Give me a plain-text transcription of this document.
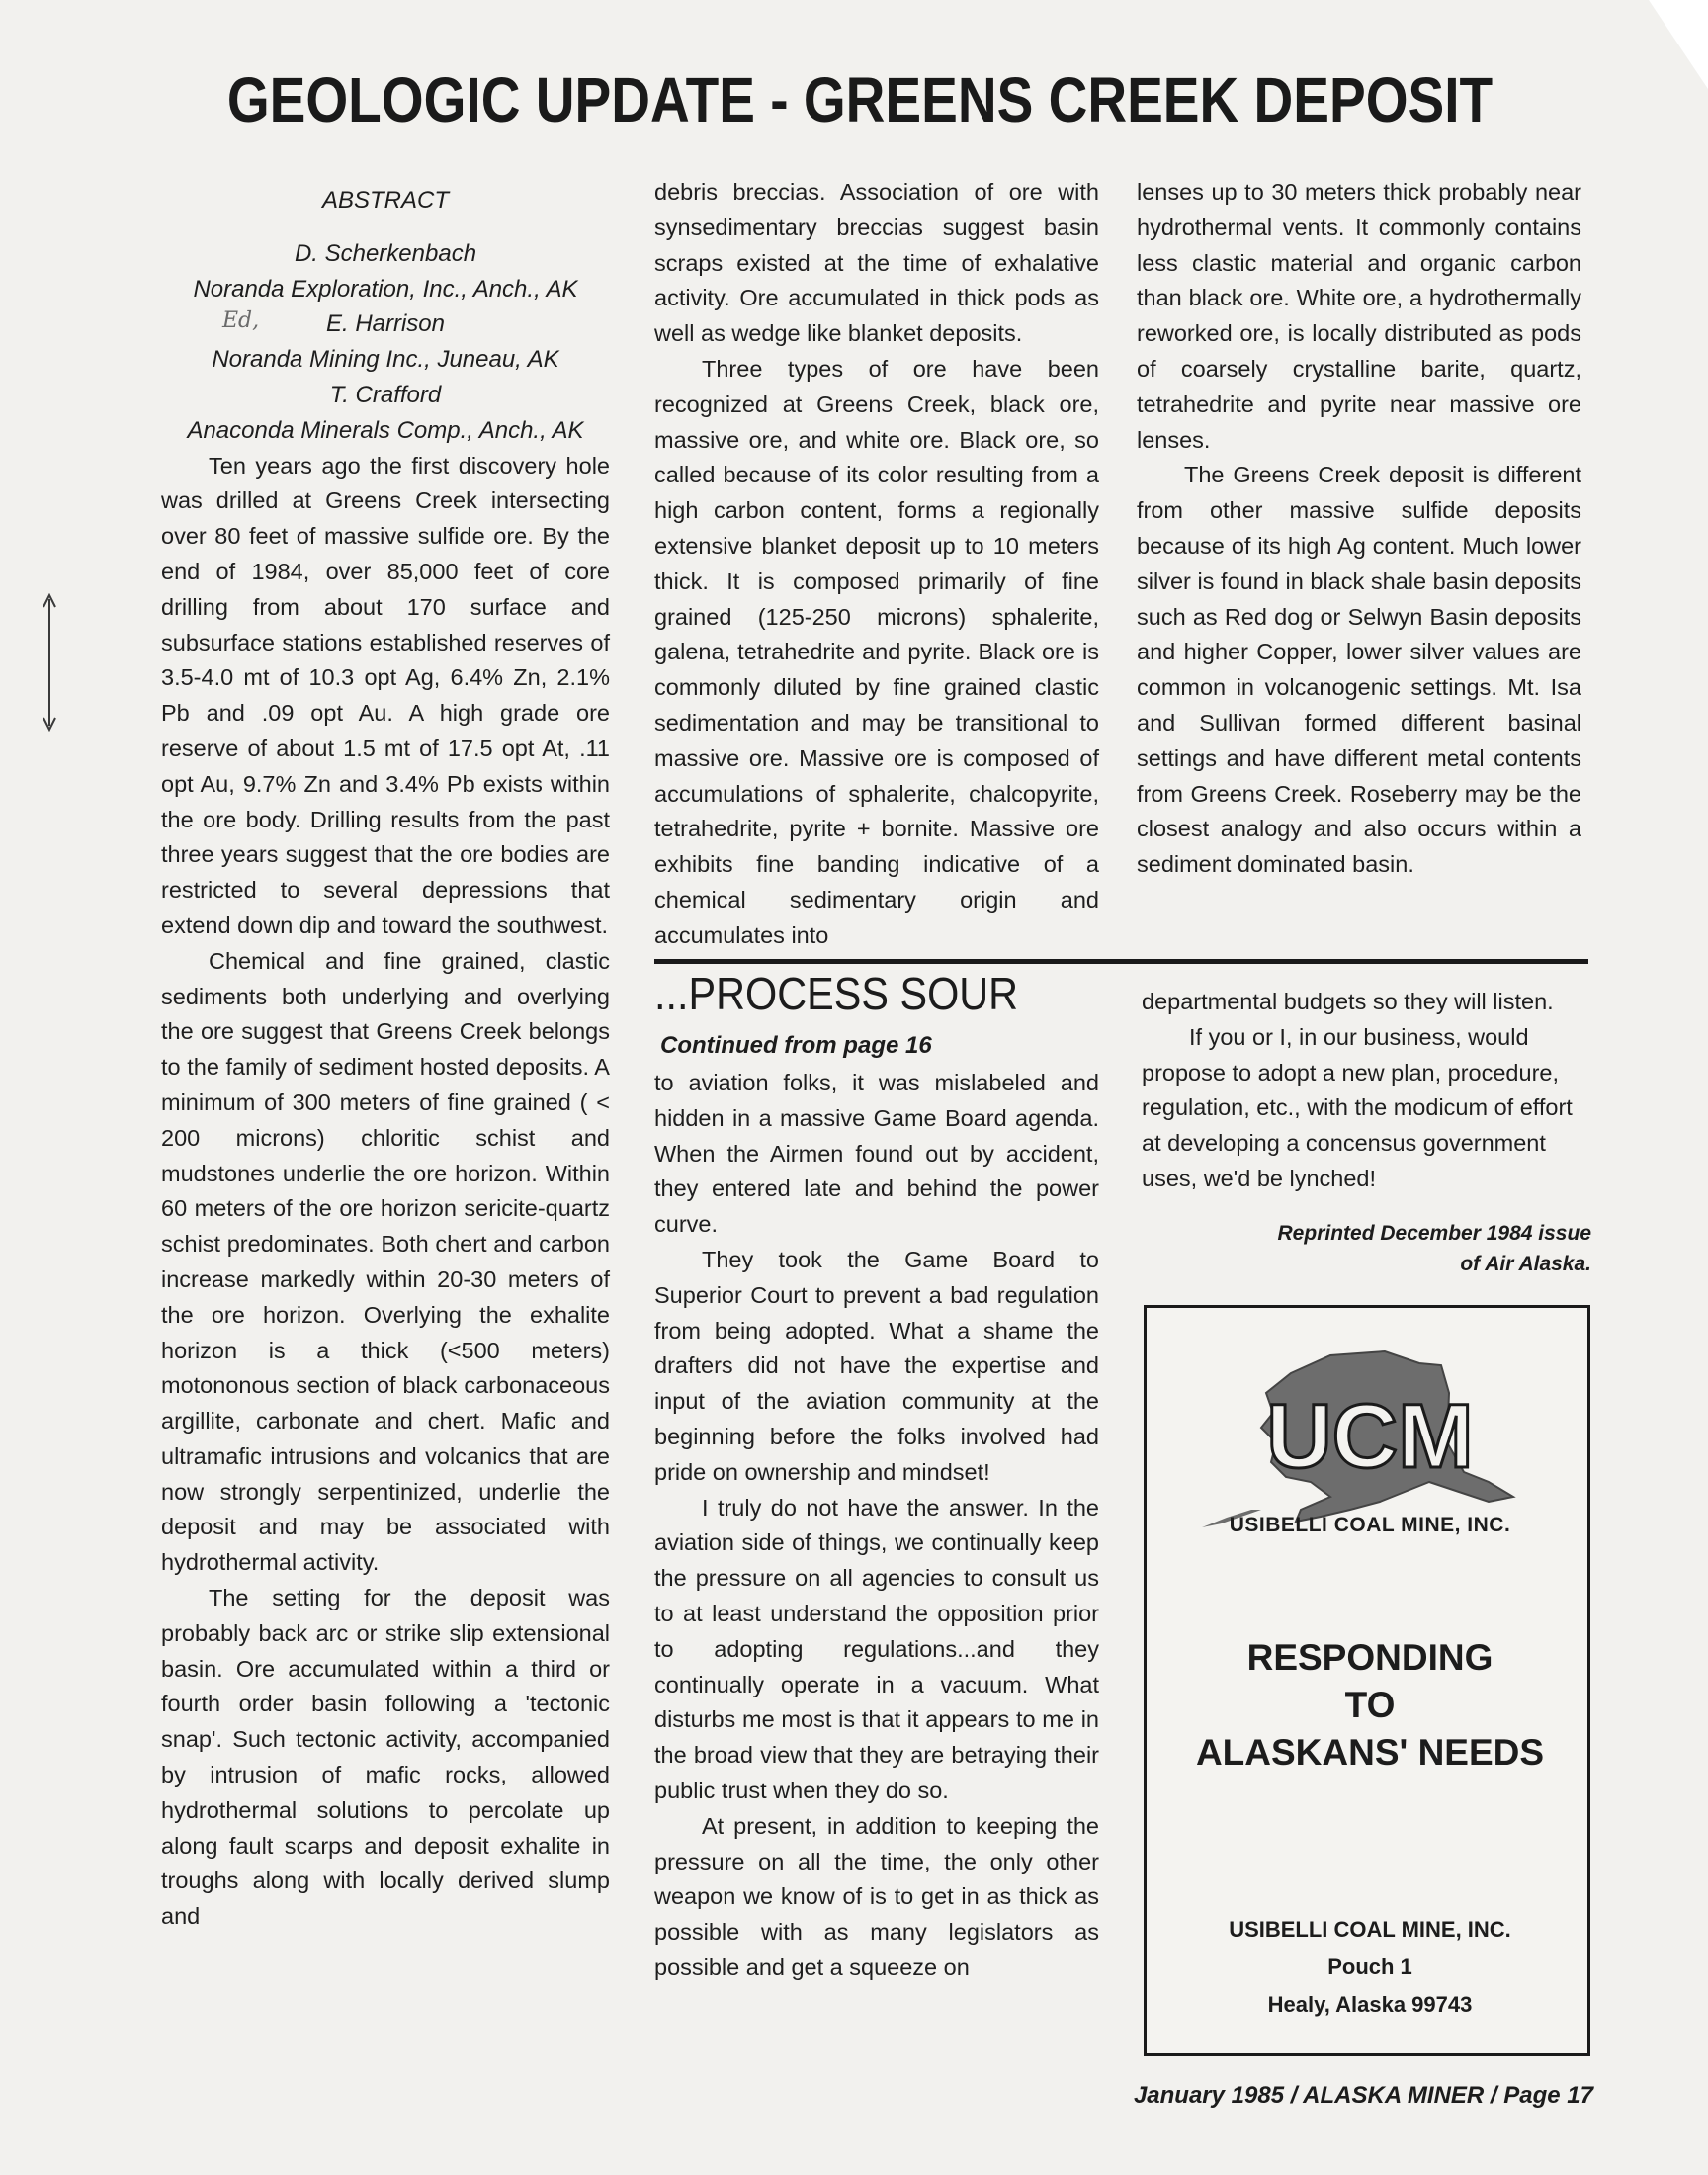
GEOLOGIC UPDATE - GREENS CREEK DEPOSIT
ABSTRACT
D. Scherkenbach
Noranda Exploration, Inc., Anch., AK
E. Harrison
Noranda Mining Inc., Juneau, AK
T. Crafford
Anaconda Minerals Comp., Anch., AK

Ten years ago the first discovery hole was drilled at Greens Creek intersecting over 80 feet of massive sulfide ore. By the end of 1984, over 85,000 feet of core drilling from about 170 surface and subsurface stations established reserves of 3.5-4.0 mt of 10.3 opt Ag, 6.4% Zn, 2.1% Pb and .09 opt Au. A high grade ore reserve of about 1.5 mt of 17.5 opt At, .11 opt Au, 9.7% Zn and 3.4% Pb exists within the ore body. Drilling results from the past three years suggest that the ore bodies are restricted to several depressions that extend down dip and toward the southwest.

Chemical and fine grained, clastic sediments both underlying and overlying the ore suggest that Greens Creek belongs to the family of sediment hosted deposits. A minimum of 300 meters of fine grained ( < 200 microns) chloritic schist and mudstones underlie the ore horizon. Within 60 meters of the ore horizon sericite-quartz schist predominates. Both chert and carbon increase markedly within 20-30 meters of the ore horizon. Overlying the exhalite horizon is a thick (<500 meters) motononous section of black carbonaceous argillite, carbonate and chert. Mafic and ultramafic intrusions and volcanics that are now strongly serpentinized, underlie the deposit and may be associated with hydrothermal activity.

The setting for the deposit was probably back arc or strike slip extensional basin. Ore accumulated within a third or fourth order basin following a 'tectonic snap'. Such tectonic activity, accompanied by intrusion of mafic rocks, allowed hydrothermal solutions to percolate up along fault scarps and deposit exhalite in troughs along with locally derived slump and

Ed,

debris breccias. Association of ore with synsedimentary breccias suggest basin scraps existed at the time of exhalative activity. Ore accumulated in thick pods as well as wedge like blanket deposits.

Three types of ore have been recognized at Greens Creek, black ore, massive ore, and white ore. Black ore, so called because of its color resulting from a high carbon content, forms a regionally extensive blanket deposit up to 10 meters thick. It is composed primarily of fine grained (125-250 microns) sphalerite, galena, tetrahedrite and pyrite. Black ore is commonly diluted by fine grained clastic sedimentation and may be transitional to massive ore. Massive ore is composed of accumulations of sphalerite, chalcopyrite, tetrahedrite, pyrite + bornite. Massive ore exhibits fine banding indicative of a chemical sedimentary origin and accumulates into

lenses up to 30 meters thick probably near hydrothermal vents. It commonly contains less clastic material and organic carbon than black ore. White ore, a hydrothermally reworked ore, is locally distributed as pods of coarsely crystalline barite, quartz, tetrahedrite and pyrite near massive ore lenses.

The Greens Creek deposit is different from other massive sulfide deposits because of its high Ag content. Much lower silver is found in black shale basin deposits such as Red dog or Selwyn Basin deposits and higher Copper, lower silver values are common in volcanogenic settings. Mt. Isa and Sullivan formed different basinal settings and have different metal contents from Greens Creek. Roseberry may be the closest analogy and also occurs within a sediment dominated basin.

...PROCESS SOUR
Continued from page 16

to aviation folks, it was mislabeled and hidden in a massive Game Board agenda. When the Airmen found out by accident, they entered late and behind the power curve.

They took the Game Board to Superior Court to prevent a bad regulation from being adopted. What a shame the drafters did not have the expertise and input of the aviation community at the beginning before the folks involved had pride on ownership and mindset!

I truly do not have the answer. In the aviation side of things, we continually keep the pressure on all agencies to consult us to at least understand the opposition prior to adopting regulations...and they continually operate in a vacuum. What disturbs me most is that it appears to me in the broad view that they are betraying their public trust when they do so.

At present, in addition to keeping the pressure on all the time, the only other weapon we know of is to get in as thick as possible with as many legislators as possible and get a squeeze on

departmental budgets so they will listen.

If you or I, in our business, would propose to adopt a new plan, procedure, regulation, etc., with the modicum of effort at developing a concensus government uses, we'd be lynched!

Reprinted December 1984 issue
of Air Alaska.
UCM
USIBELLI COAL MINE, INC.
RESPONDING
TO
ALASKANS' NEEDS
USIBELLI COAL MINE, INC.
Pouch 1
Healy, Alaska 99743
January 1985 / ALASKA MINER / Page 17
